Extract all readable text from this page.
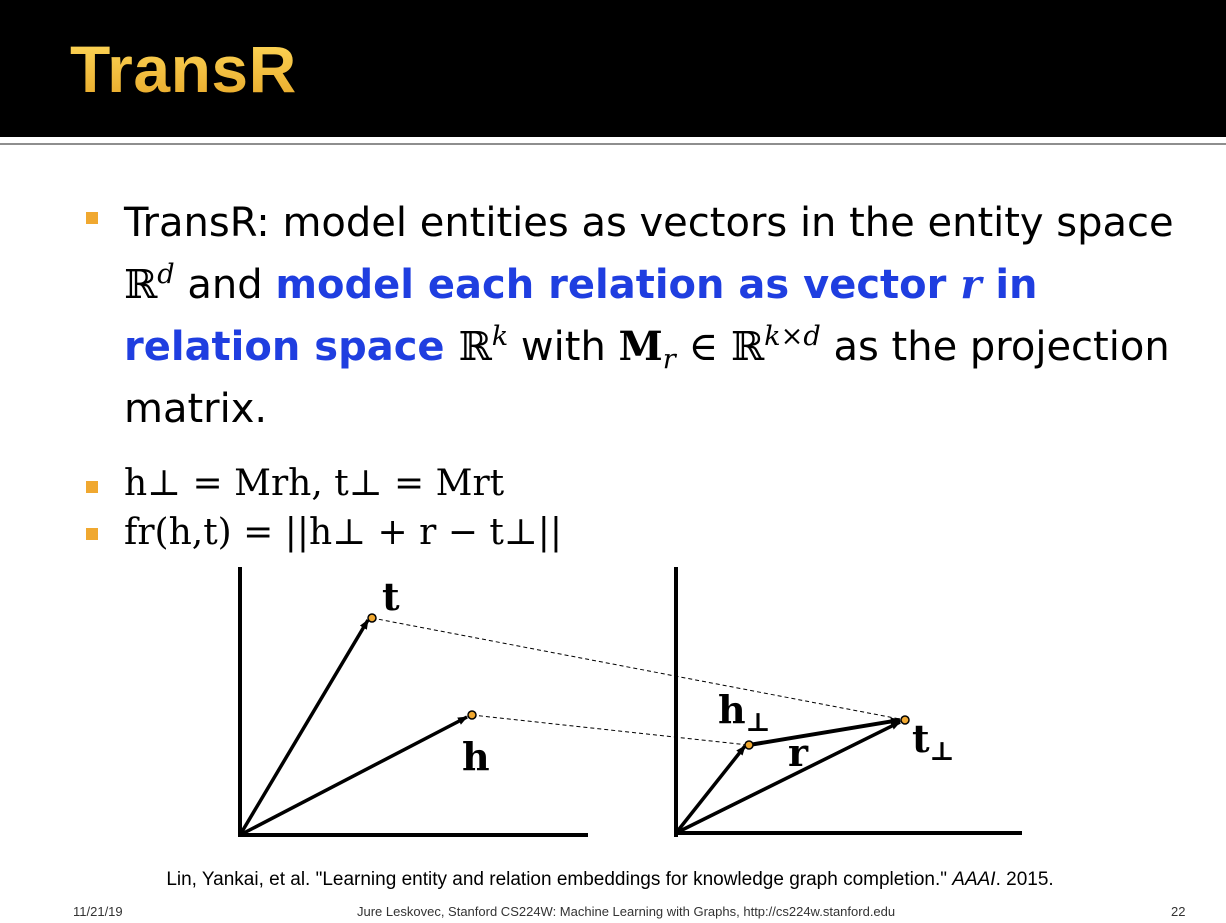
TransR
TransR: model entities as vectors in the entity space ℝ$^d$ and model each relation as vector r in relation space ℝ$^k$ with $M_r$ ∈ ℝ$^{k\times d}$ as the projection matrix.
h⊥ = Mrh, t⊥ = Mrt
fr(h,t) = ||h⊥ + r − t⊥||
t
h
$h_\perp$	$t_\perp$
r
Lin, Yankai, et al. "Learning entity and relation embeddings for knowledge graph completion." AAAI. 2015.
11/21/19	Jure Leskovec, Stanford CS224W: Machine Learning with Graphs, http://cs224w.stanford.edu	22
